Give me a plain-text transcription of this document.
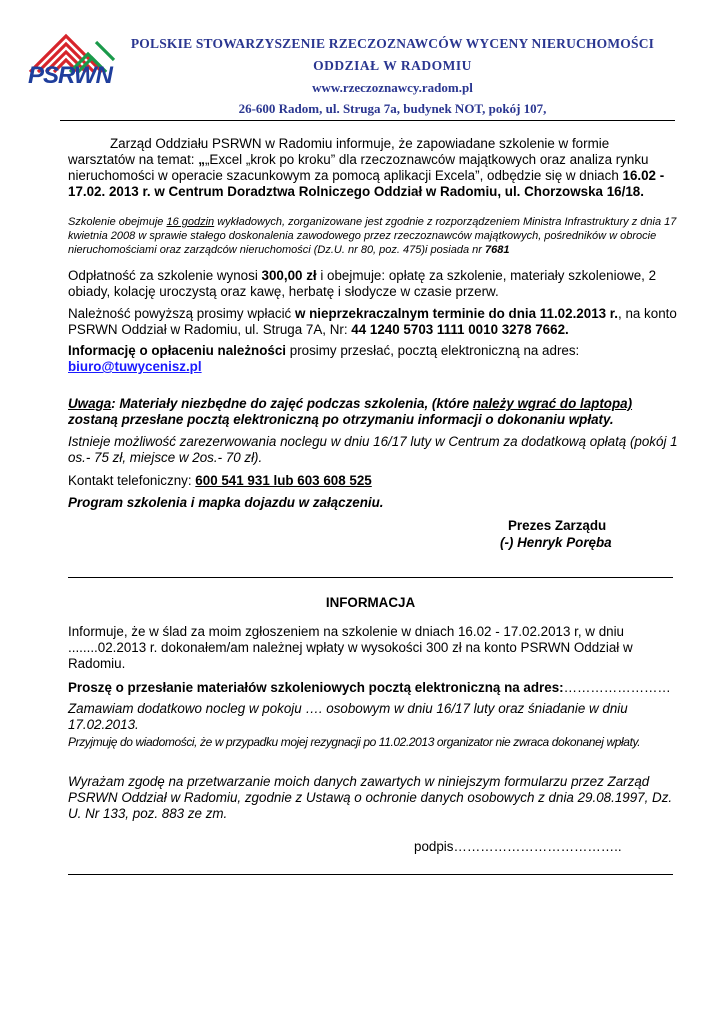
PSRWN
POLSKIE STOWARZYSZENIE RZECZOZNAWCÓW WYCENY NIERUCHOMOŚCI
ODDZIAŁ W RADOMIU
www.rzeczoznawcy.radom.pl
26-600 Radom, ul. Struga 7a, budynek NOT, pokój 107,
Zarząd Oddziału PSRWN w Radomiu informuje, że zapowiadane szkolenie w formie warsztatów na temat: „„Excel „krok po kroku” dla rzeczoznawców majątkowych oraz analiza rynku nieruchomości w operacie szacunkowym za pomocą aplikacji Excela”, odbędzie się w dniach 16.02 - 17.02. 2013 r. w Centrum Doradztwa Rolniczego Oddział w Radomiu, ul. Chorzowska 16/18.
Szkolenie obejmuje 16 godzin wykładowych, zorganizowane jest zgodnie z rozporządzeniem Ministra Infrastruktury z dnia 17 kwietnia 2008 w sprawie stałego doskonalenia zawodowego przez rzeczoznawców majątkowych, pośredników w obrocie nieruchomościami oraz zarządców nieruchomości (Dz.U. nr 80, poz. 475)i posiada nr 7681
Odpłatność za szkolenie wynosi 300,00 zł i obejmuje: opłatę za szkolenie, materiały szkoleniowe, 2 obiady, kolację uroczystą oraz kawę, herbatę i słodycze w czasie przerw.
Należność powyższą prosimy wpłacić w nieprzekraczalnym terminie do dnia 11.02.2013 r., na konto PSRWN Oddział w Radomiu, ul. Struga 7A, Nr: 44 1240 5703 1111 0010 3278 7662.
Informację o opłaceniu należności prosimy przesłać, pocztą elektroniczną na adres:
biuro@tuwycenisz.pl
Uwaga: Materiały niezbędne do zajęć podczas szkolenia, (które należy wgrać do laptopa) zostaną przesłane pocztą elektroniczną po otrzymaniu informacji o dokonaniu wpłaty.
Istnieje możliwość zarezerwowania noclegu w dniu 16/17 luty w Centrum za dodatkową opłatą (pokój 1 os.- 75 zł, miejsce w 2os.- 70 zł).
Kontakt telefoniczny: 600 541 931 lub 603 608 525
Program szkolenia i mapka dojazdu w załączeniu.
Prezes Zarządu
(-) Henryk Poręba
INFORMACJA
Informuje, że w ślad za moim zgłoszeniem na szkolenie w dniach 16.02 - 17.02.2013 r, w dniu ........02.2013 r. dokonałem/am należnej wpłaty w wysokości 300 zł na konto PSRWN Oddział w Radomiu.
Proszę o przesłanie materiałów szkoleniowych pocztą elektroniczną na adres:……………………
Zamawiam dodatkowo nocleg w pokoju …. osobowym w dniu 16/17 luty oraz śniadanie w dniu 17.02.2013.
Przyjmuję do wiadomości, że w przypadku mojej rezygnacji po 11.02.2013 organizator nie zwraca dokonanej wpłaty.
Wyrażam zgodę na przetwarzanie moich danych zawartych w niniejszym formularzu przez Zarząd PSRWN Oddział w Radomiu, zgodnie z Ustawą o ochronie danych osobowych z dnia 29.08.1997, Dz. U. Nr 133, poz. 883 ze zm.
podpis………………………………..
